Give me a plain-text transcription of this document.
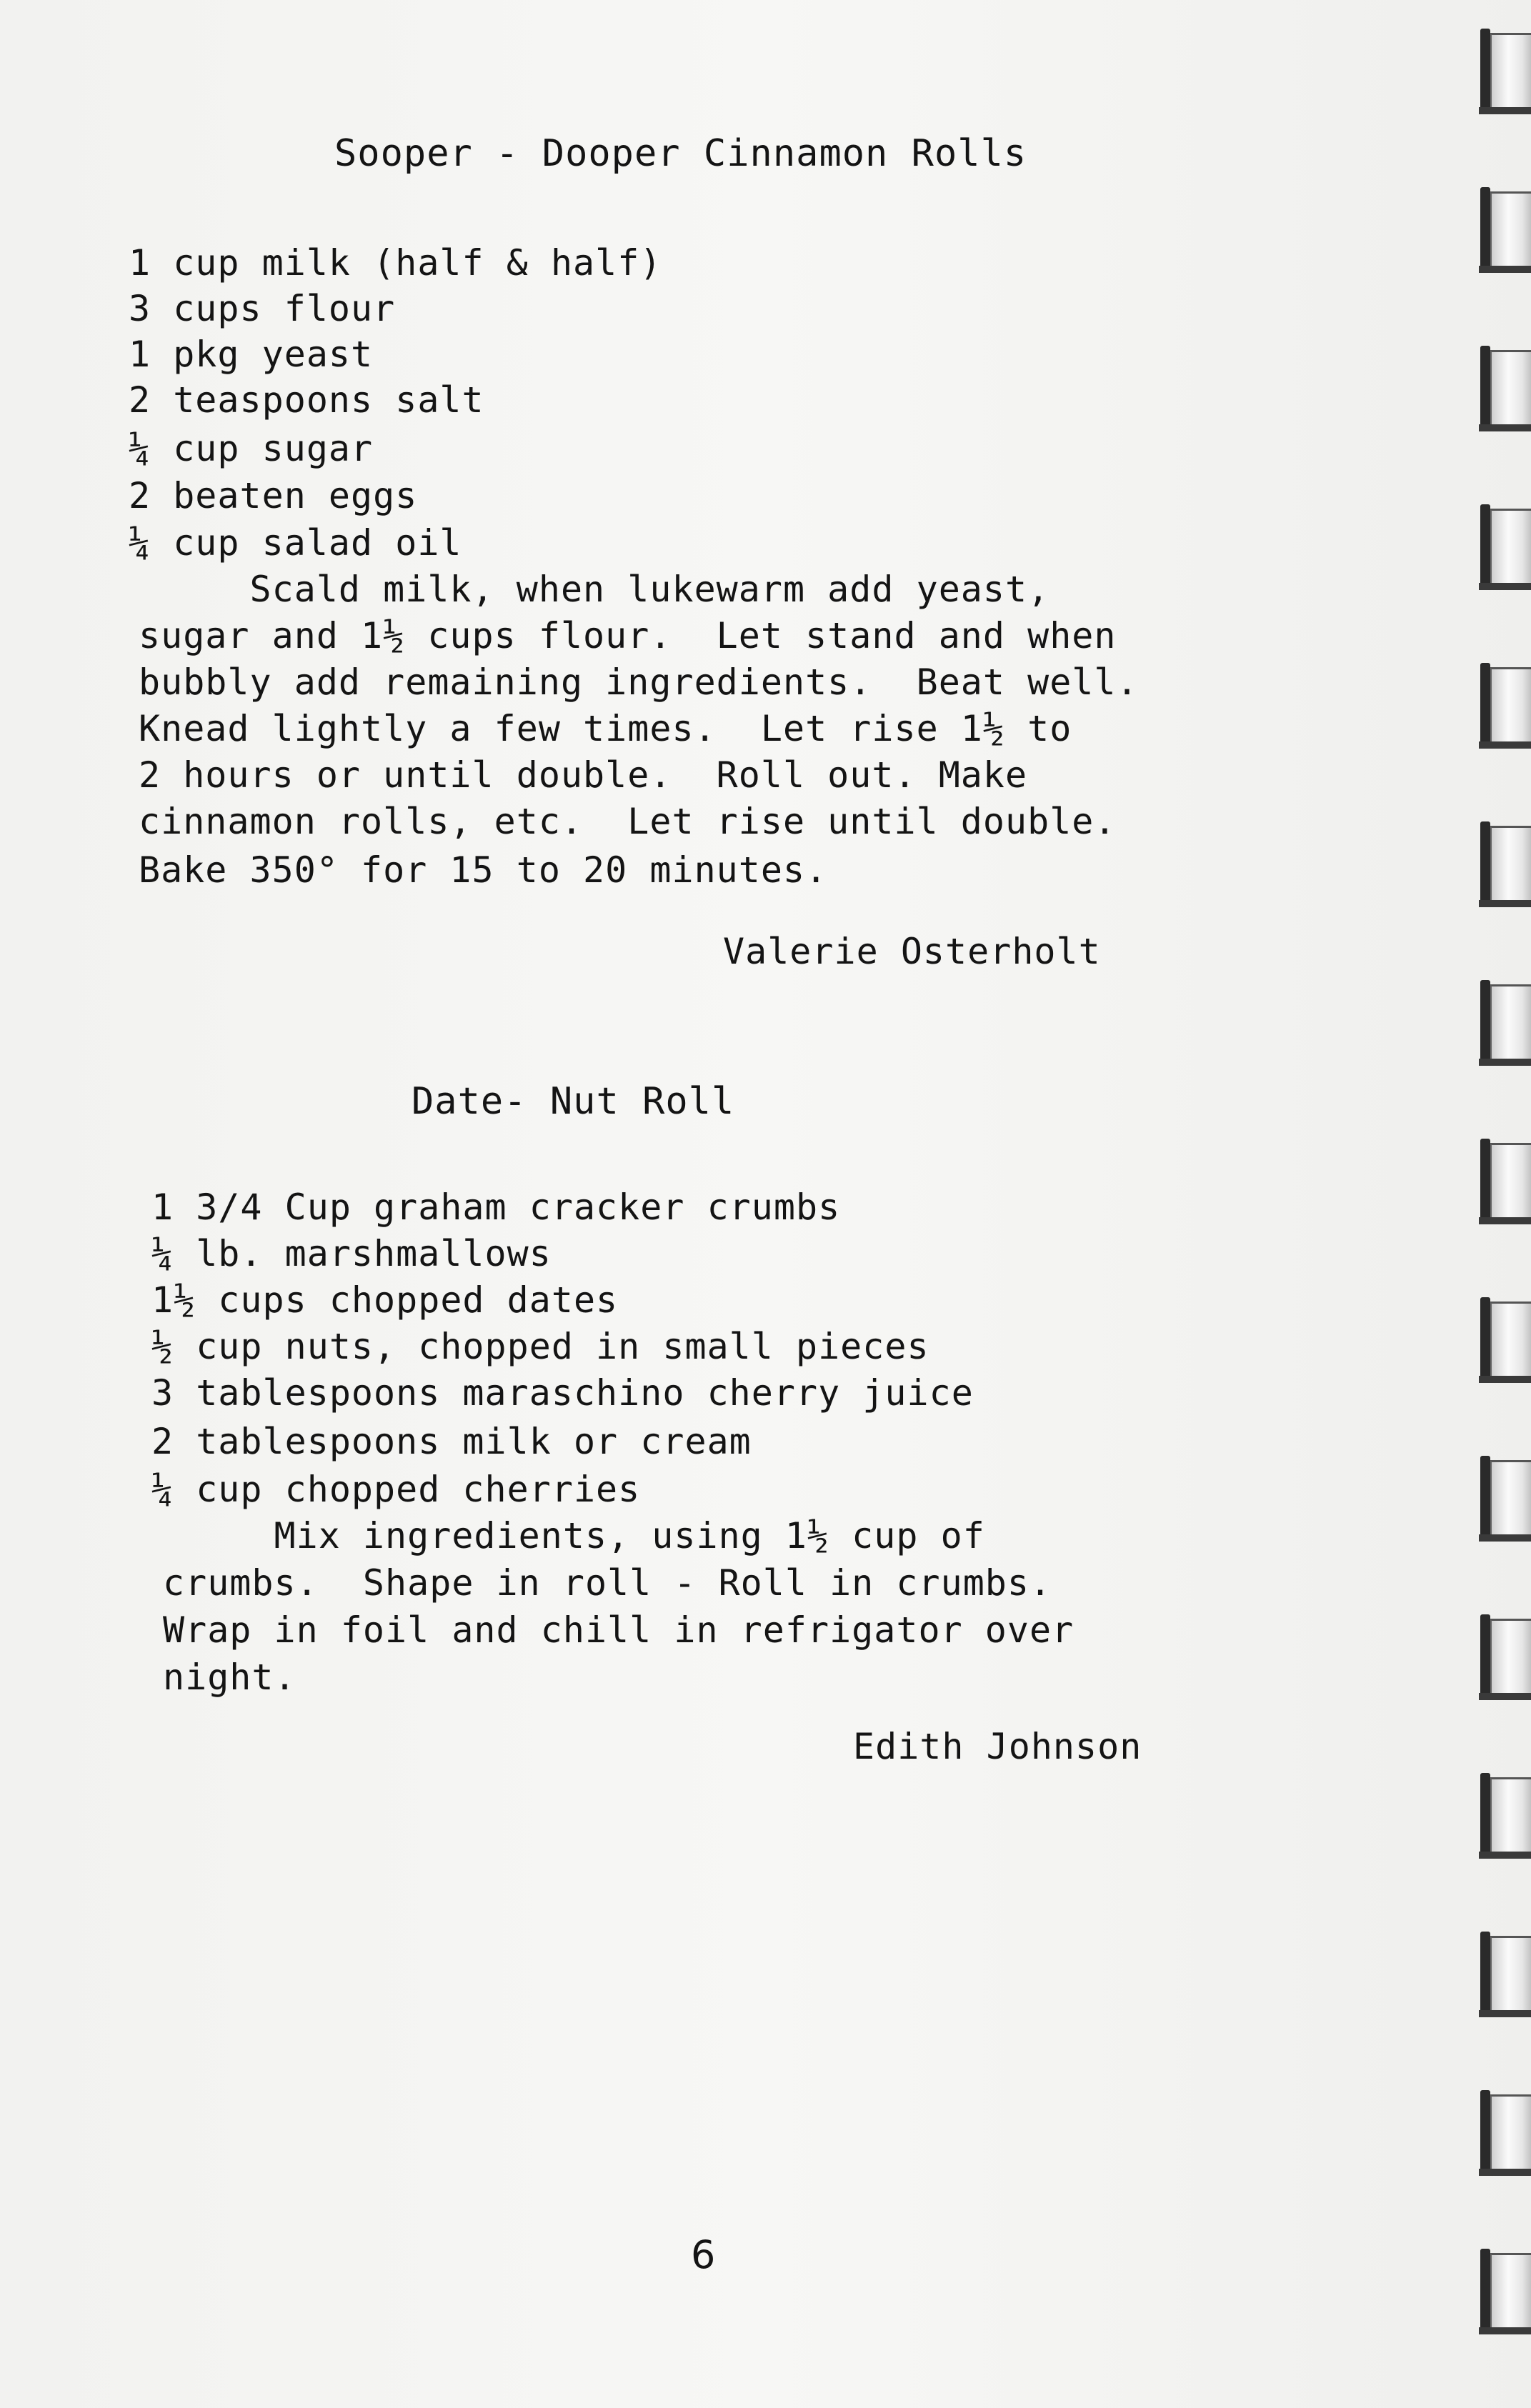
Sooper - Dooper Cinnamon Rolls
1 cup milk (half & half)
3 cups flour
1 pkg yeast
2 teaspoons salt
¼ cup sugar
2 beaten eggs
¼ cup salad oil
Scald milk, when lukewarm add yeast,
sugar and 1½ cups flour.  Let stand and when
bubbly add remaining ingredients.  Beat well.
Knead lightly a few times.  Let rise 1½ to
2 hours or until double.  Roll out. Make
cinnamon rolls, etc.  Let rise until double.
Bake 350° for 15 to 20 minutes.
Valerie Osterholt
Date- Nut Roll
1 3/4 Cup graham cracker crumbs
¼ lb. marshmallows
1½ cups chopped dates
½ cup nuts, chopped in small pieces
3 tablespoons maraschino cherry juice
2 tablespoons milk or cream
¼ cup chopped cherries
Mix ingredients, using 1½ cup of
crumbs.  Shape in roll - Roll in crumbs.
Wrap in foil and chill in refrigator over
night.
Edith Johnson
6
